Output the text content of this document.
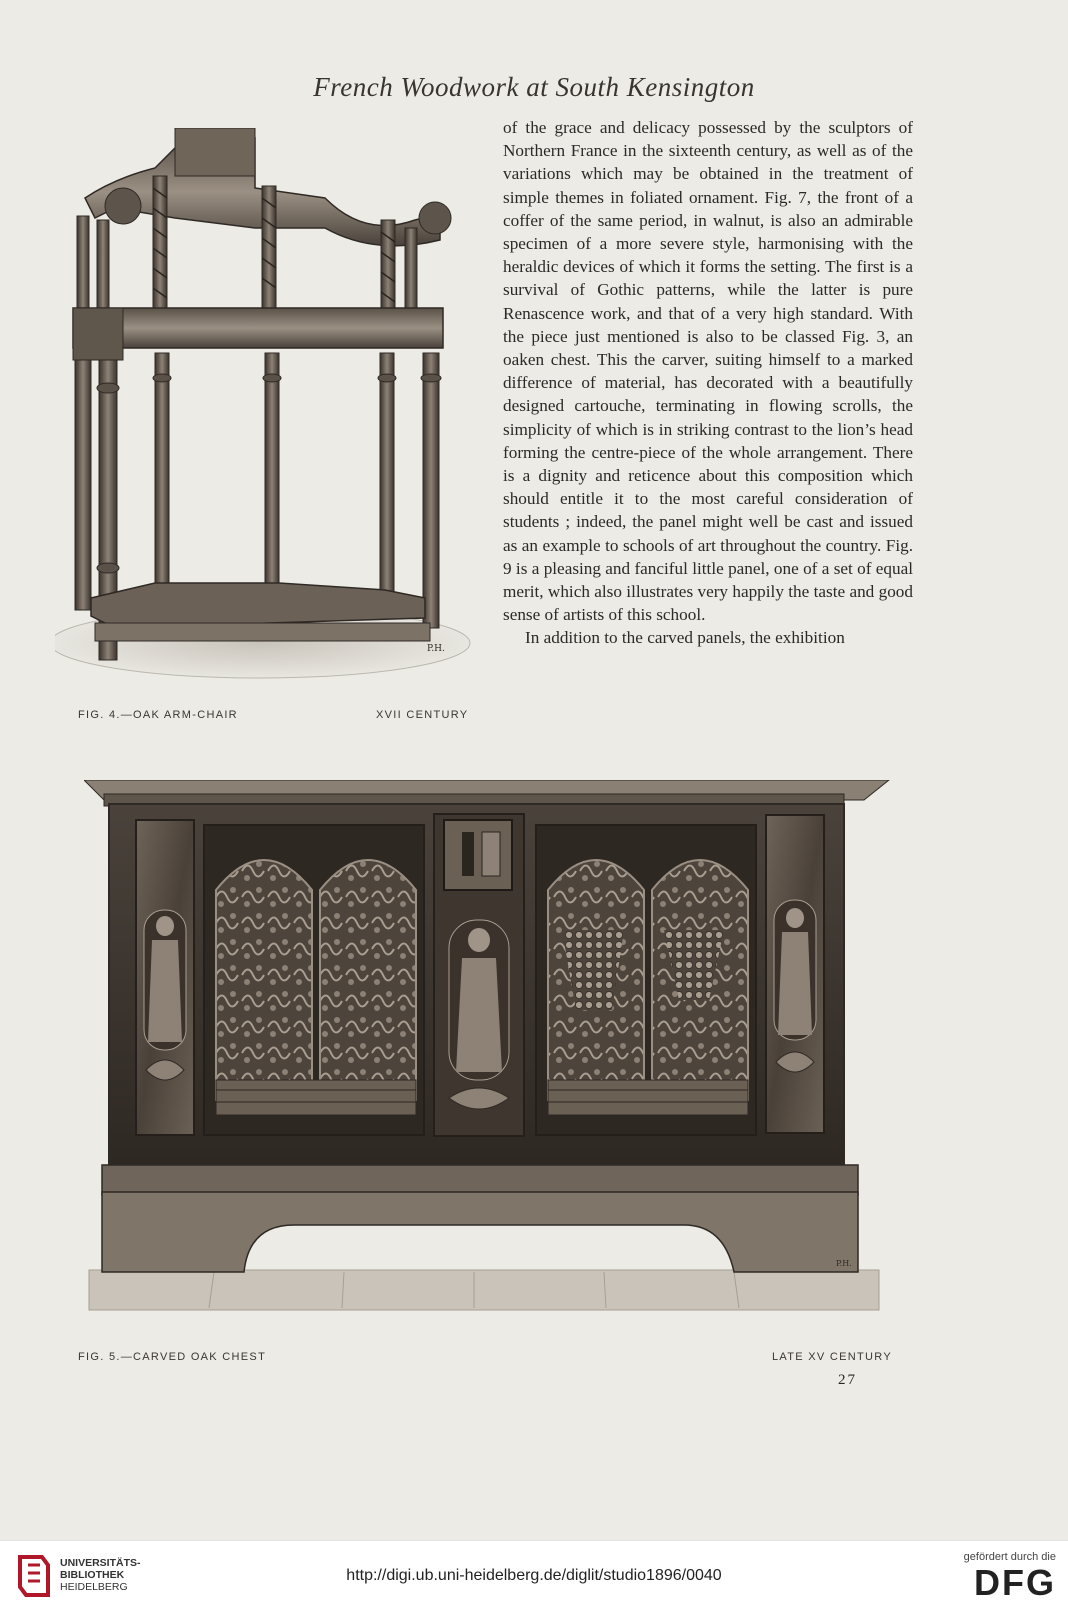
French Woodwork at South Kensington
P.H.
FIG. 4.—OAK ARM-CHAIR	XVII CENTURY

of the grace and delicacy possessed by the sculptors of Northern France in the sixteenth century, as well as of the variations which may be obtained in the treatment of simple themes in foliated ornament. Fig. 7, the front of a coffer of the same period, in walnut, is also an admirable specimen of a more severe style, harmonising with the heraldic devices of which it forms the setting. The first is a survival of Gothic patterns, while the latter is pure Renascence work, and that of a very high standard. With the piece just mentioned is also to be classed Fig. 3, an oaken chest. This the carver, suiting himself to a marked difference of material, has decorated with a beautifully designed cartouche, terminating in flowing scrolls, the simplicity of which is in striking contrast to the lion’s head forming the centre-piece of the whole arrangement. There is a dignity and reticence about this composition which should entitle it to the most careful consideration of students ; indeed, the panel might well be cast and issued as an example to schools of art throughout the country. Fig. 9 is a pleasing and fanciful little panel, one of a set of equal merit, which also illustrates very happily the taste and good sense of artists of this school.

In addition to the carved panels, the exhibition

P.H.
FIG. 5.—CARVED OAK CHEST	LATE XV CENTURY
27
UNIVERSITÄTS-
BIBLIOTHEK
HEIDELBERG
http://digi.ub.uni-heidelberg.de/diglit/studio1896/0040
gefördert durch die
DFG
